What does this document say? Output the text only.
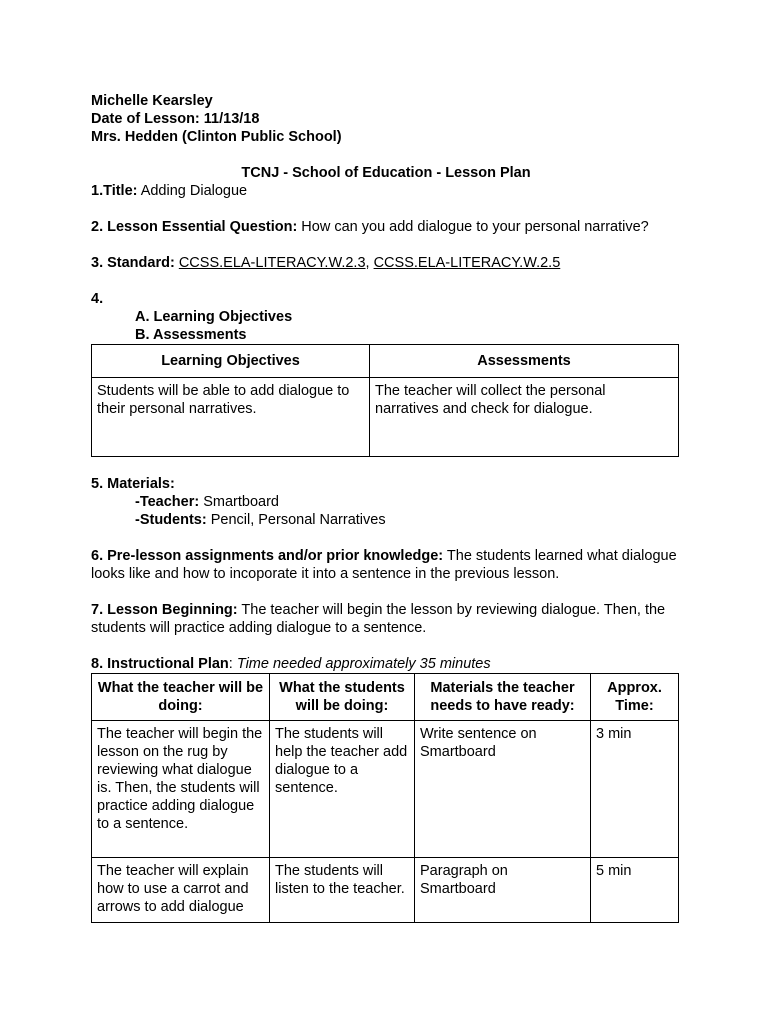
Michelle Kearsley
Date of Lesson: 11/13/18
Mrs. Hedden (Clinton Public School)
TCNJ - School of Education - Lesson Plan
1.Title: Adding Dialogue
2. Lesson Essential Question: How can you add dialogue to your personal narrative?
3. Standard: CCSS.ELA-LITERACY.W.2.3, CCSS.ELA-LITERACY.W.2.5
4.
A. Learning Objectives
B. Assessments
Learning Objectives	Assessments
Students will be able to add dialogue to their personal narratives.	The teacher will collect the personal narratives and check for dialogue.
5. Materials:
-Teacher: Smartboard
-Students: Pencil, Personal Narratives
6. Pre-lesson assignments and/or prior knowledge: The students learned what dialogue looks like and how to incoporate it into a sentence in the previous lesson.
7. Lesson Beginning: The teacher will begin the lesson by reviewing dialogue. Then, the students will practice adding dialogue to a sentence.
8. Instructional Plan: Time needed approximately 35 minutes
What the teacher will be doing:	What the students will be doing:	Materials the teacher needs to have ready:	Approx. Time:
The teacher will begin the lesson on the rug by reviewing what dialogue is. Then, the students will practice adding dialogue to a sentence.	The students will help the teacher add dialogue to a sentence.	Write sentence on Smartboard	3 min
The teacher will explain how to use a carrot and arrows to add dialogue	The students will listen to the teacher.	Paragraph on Smartboard	5 min
